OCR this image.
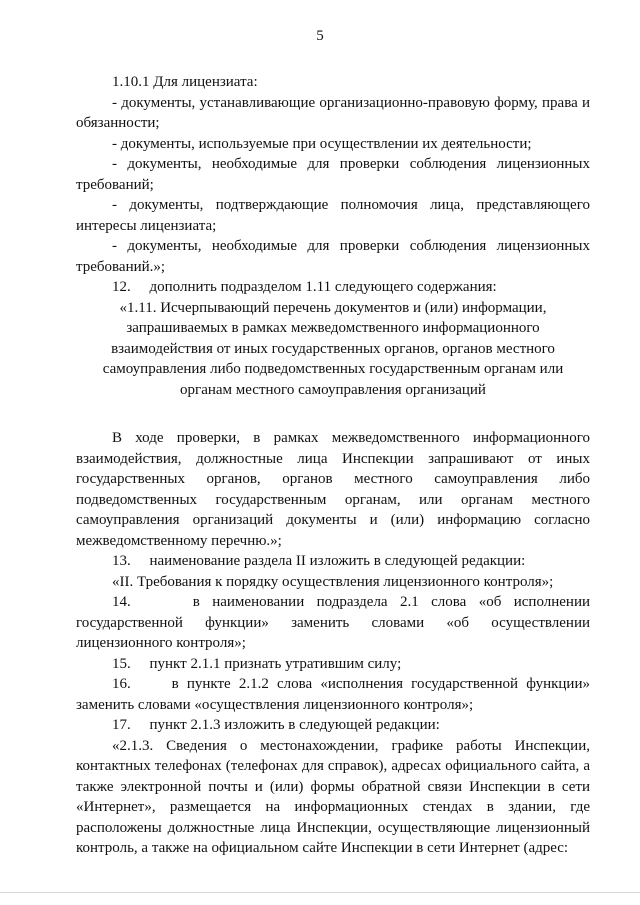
5

1.10.1 Для лицензиата:

- документы, устанавливающие организационно-правовую форму, права и обязанности;

- документы, используемые при осуществлении их деятельности;

- документы, необходимые для проверки соблюдения лицензионных требований;

- документы, подтверждающие полномочия лица, представляющего интересы лицензиата;

- документы, необходимые для проверки соблюдения лицензионных требований.»;

12.     дополнить подразделом 1.11 следующего содержания:

«1.11. Исчерпывающий перечень документов и (или) информации, запрашиваемых в рамках межведомственного информационного взаимодействия от иных государственных органов, органов местного самоуправления либо подведомственных государственным органам или органам местного самоуправления организаций

В ходе проверки, в рамках межведомственного информационного взаимодействия, должностные лица Инспекции запрашивают от иных государственных органов, органов местного самоуправления либо подведомственных государственным органам, или органам местного самоуправления организаций документы и (или) информацию согласно межведомственному перечню.»;

13.     наименование раздела II изложить в следующей редакции:

«II. Требования к порядку осуществления лицензионного контроля»;

14.     в наименовании подраздела 2.1 слова «об исполнении государственной функции» заменить словами «об осуществлении лицензионного контроля»;

15.     пункт 2.1.1 признать утратившим силу;

16.     в пункте 2.1.2 слова «исполнения государственной функции» заменить словами «осуществления лицензионного контроля»;

17.     пункт 2.1.3 изложить в следующей редакции:

«2.1.3. Сведения о местонахождении, графике работы Инспекции, контактных телефонах (телефонах для справок), адресах официального сайта, а также электронной почты и (или) формы обратной связи Инспекции в сети «Интернет», размещается на информационных стендах в здании, где расположены должностные лица Инспекции, осуществляющие лицензионный контроль, а также на официальном сайте Инспекции в сети Интернет (адрес:
